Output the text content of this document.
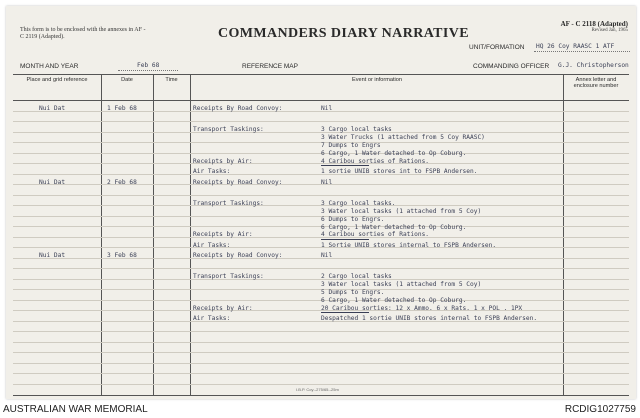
This form is to be enclosed with the annexes in AF - C 2119 (Adapted).	COMMANDERS DIARY NARRATIVE
AF - C 2118 (Adapted)
Revised Jan, 1965
UNIT/FORMATION HQ 26 Coy RAASC 1 ATF
MONTH AND YEAR	Feb 68	REFERENCE MAP	COMMANDING OFFICER G.J. Christopherson
Place and grid reference	Date	Time	Event or information	Annex letter and enclosure number
Nui Dat	1 Feb 68	Receipts By Road Convoy:	Nil
Transport Taskings:	3 Cargo local tasks
3 Water Trucks (1 attached from 5 Coy RAASC)
7 Dumps to Engrs
6 Cargo, 1 Water detached to Op Coburg.
Receipts by Air:	4 Caribou sorties of Rations.
Air Tasks:	1 sortie UNIB stores int to FSPB Andersen.
Nui Dat	2 Feb 68	Receipts by Road Convoy:	Nil
Transport Taskings:	3 Cargo local tasks.
3 Water local tasks (1 attached from 5 Coy)
6 Dumps to Engrs.
6 Cargo, 1 Water detached to Op Coburg.
Receipts by Air:	4 Caribou sorties of Rations.
Air Tasks:	1 Sortie UNIB stores internal to FSPB Andersen.
Nui Dat	3 Feb 68	Receipts by Road Convoy:	Nil
Transport Taskings:	2 Cargo local tasks
3 Water local tasks (1 attached from 5 Coy)
5 Dumps to Engrs.
6 Cargo, 1 Water detached to Op Coburg.
Receipts by Air:	20 Caribou sorties: 12 x Ammo. 6 x Rats. 1 x POL . 1PX
Air Tasks:	Despatched 1 sortie UNIB stores internal to FSPB Andersen.
I.B.P. Coy--275/65--25m
AUSTRALIAN WAR MEMORIAL	RCDIG1027759
